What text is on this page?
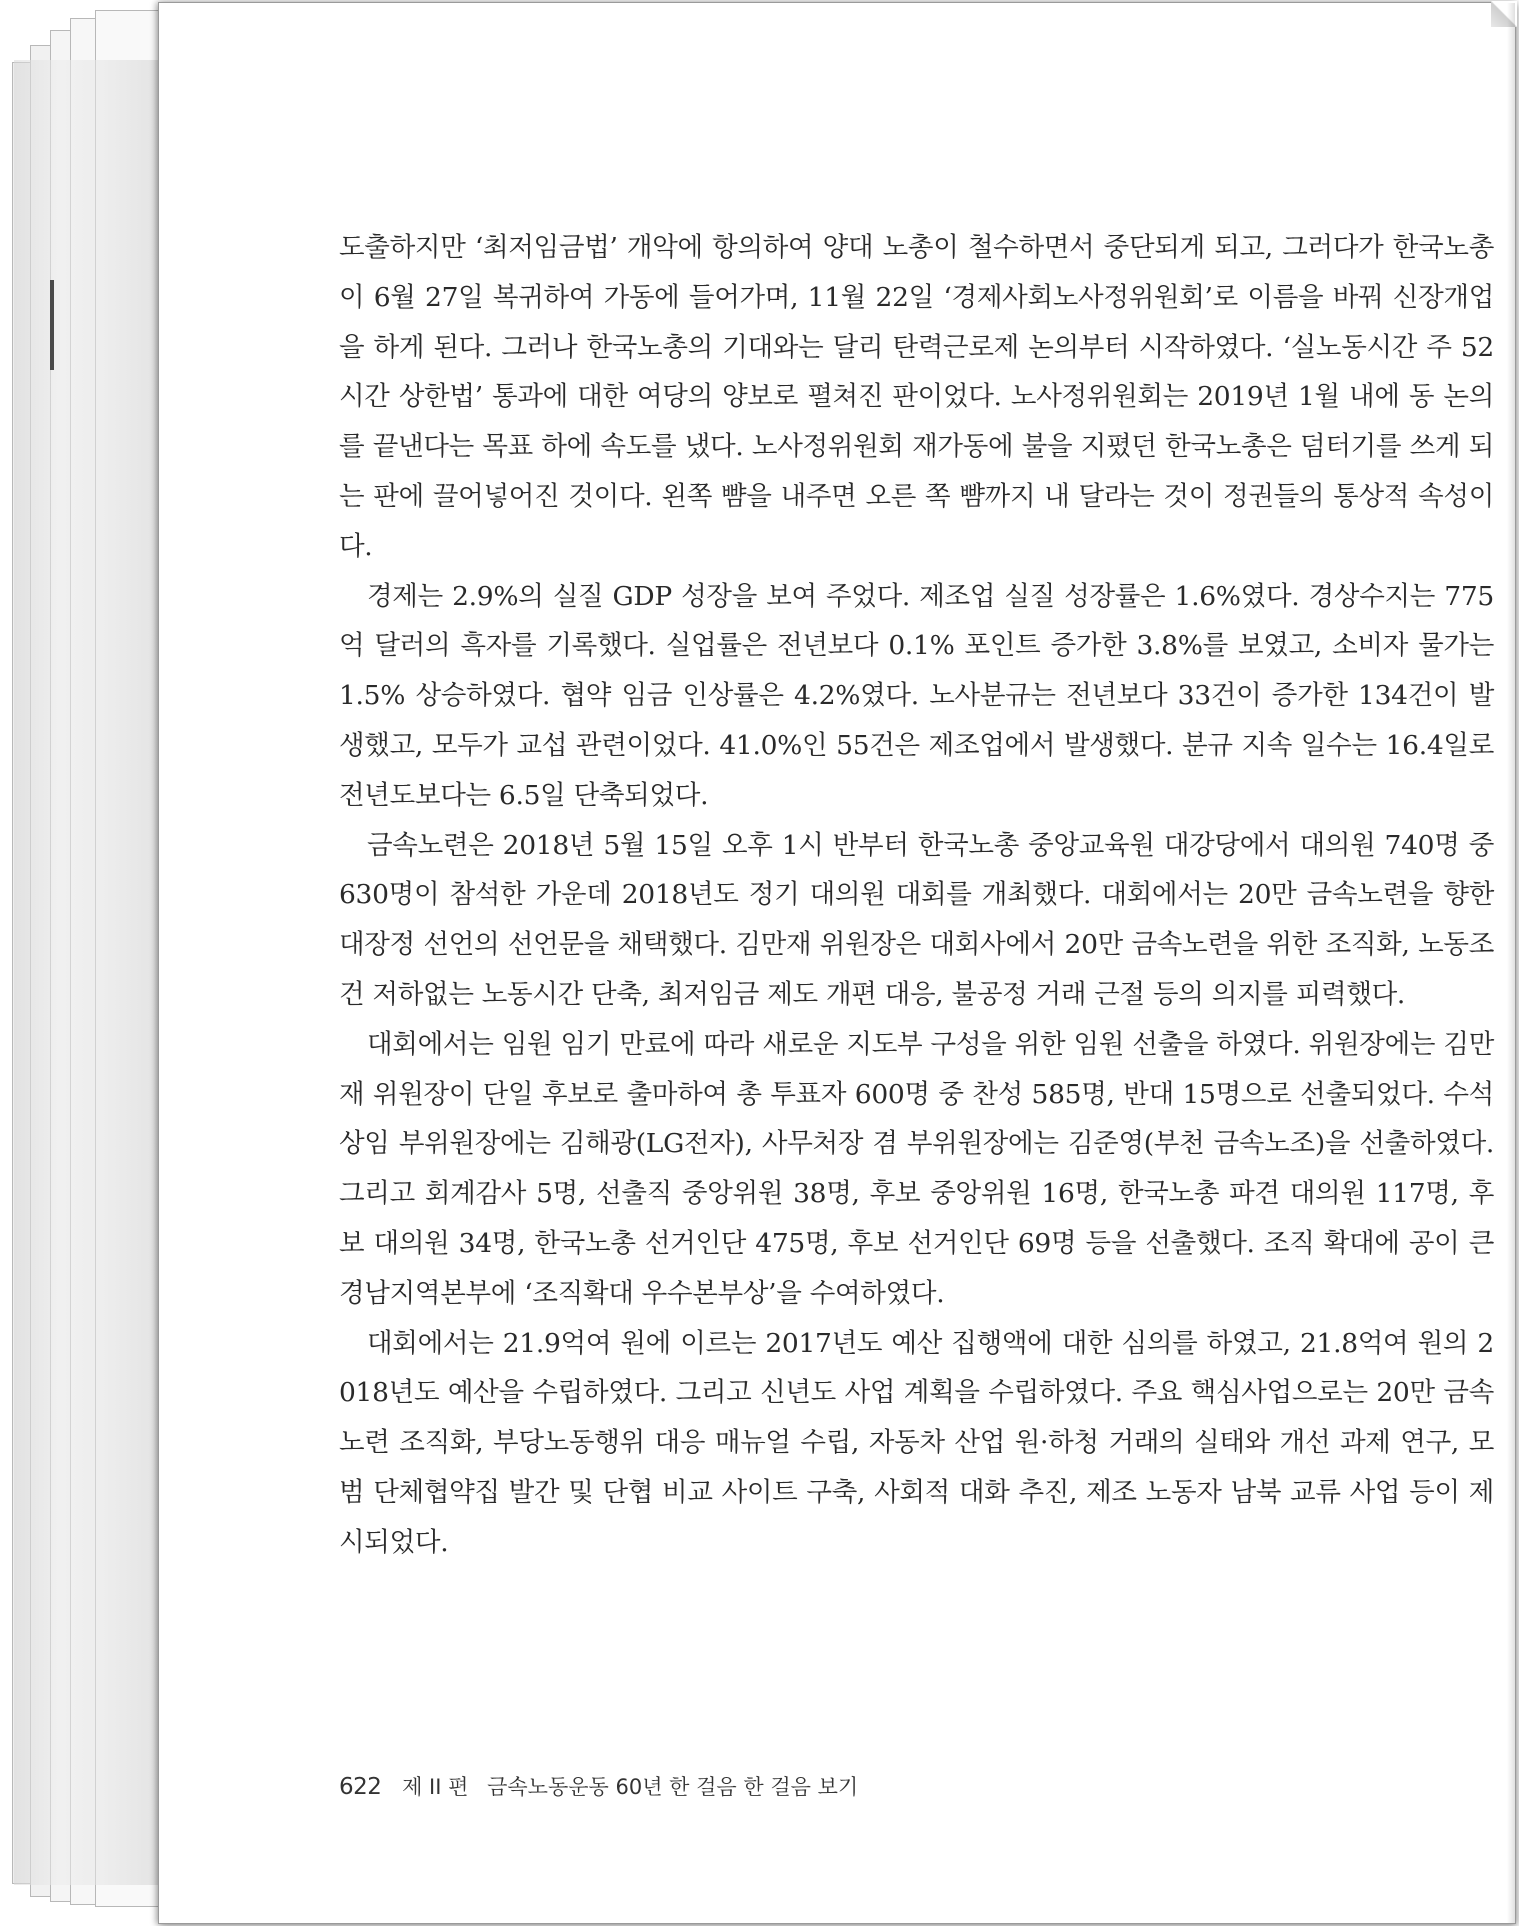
도출하지만 ‘최저임금법’ 개악에 항의하여 양대 노총이 철수하면서 중단되게 되고, 그러다가 한국노총이 6월 27일 복귀하여 가동에 들어가며, 11월 22일 ‘경제사회노사정위원회’로 이름을 바꿔 신장개업을 하게 된다. 그러나 한국노총의 기대와는 달리 탄력근로제 논의부터 시작하였다. ‘실노동시간 주 52시간 상한법’ 통과에 대한 여당의 양보로 펼쳐진 판이었다. 노사정위원회는 2019년 1월 내에 동 논의를 끝낸다는 목표 하에 속도를 냈다. 노사정위원회 재가동에 불을 지폈던 한국노총은 덤터기를 쓰게 되는 판에 끌어넣어진 것이다. 왼쪽 뺨을 내주면 오른 쪽 뺨까지 내 달라는 것이 정권들의 통상적 속성이다.

경제는 2.9%의 실질 GDP 성장을 보여 주었다. 제조업 실질 성장률은 1.6%였다. 경상수지는 775억 달러의 흑자를 기록했다. 실업률은 전년보다 0.1% 포인트 증가한 3.8%를 보였고, 소비자 물가는 1.5% 상승하였다. 협약 임금 인상률은 4.2%였다. 노사분규는 전년보다 33건이 증가한 134건이 발생했고, 모두가 교섭 관련이었다. 41.0%인 55건은 제조업에서 발생했다. 분규 지속 일수는 16.4일로 전년도보다는 6.5일 단축되었다.

금속노련은 2018년 5월 15일 오후 1시 반부터 한국노총 중앙교육원 대강당에서 대의원 740명 중 630명이 참석한 가운데 2018년도 정기 대의원 대회를 개최했다. 대회에서는 20만 금속노련을 향한 대장정 선언의 선언문을 채택했다. 김만재 위원장은 대회사에서 20만 금속노련을 위한 조직화, 노동조건 저하없는 노동시간 단축, 최저임금 제도 개편 대응, 불공정 거래 근절 등의 의지를 피력했다.

대회에서는 임원 임기 만료에 따라 새로운 지도부 구성을 위한 임원 선출을 하였다. 위원장에는 김만재 위원장이 단일 후보로 출마하여 총 투표자 600명 중 찬성 585명, 반대 15명으로 선출되었다. 수석 상임 부위원장에는 김해광(LG전자), 사무처장 겸 부위원장에는 김준영(부천 금속노조)을 선출하였다. 그리고 회계감사 5명, 선출직 중앙위원 38명, 후보 중앙위원 16명, 한국노총 파견 대의원 117명, 후보 대의원 34명, 한국노총 선거인단 475명, 후보 선거인단 69명 등을 선출했다. 조직 확대에 공이 큰 경남지역본부에 ‘조직확대 우수본부상’을 수여하였다.

대회에서는 21.9억여 원에 이르는 2017년도 예산 집행액에 대한 심의를 하였고, 21.8억여 원의 2018년도 예산을 수립하였다. 그리고 신년도 사업 계획을 수립하였다. 주요 핵심사업으로는 20만 금속노련 조직화, 부당노동행위 대응 매뉴얼 수립, 자동차 산업 원·하청 거래의 실태와 개선 과제 연구, 모범 단체협약집 발간 및 단협 비교 사이트 구축, 사회적 대화 추진, 제조 노동자 남북 교류 사업 등이 제시되었다.

622 제 II 편 금속노동운동 60년 한 걸음 한 걸음 보기
